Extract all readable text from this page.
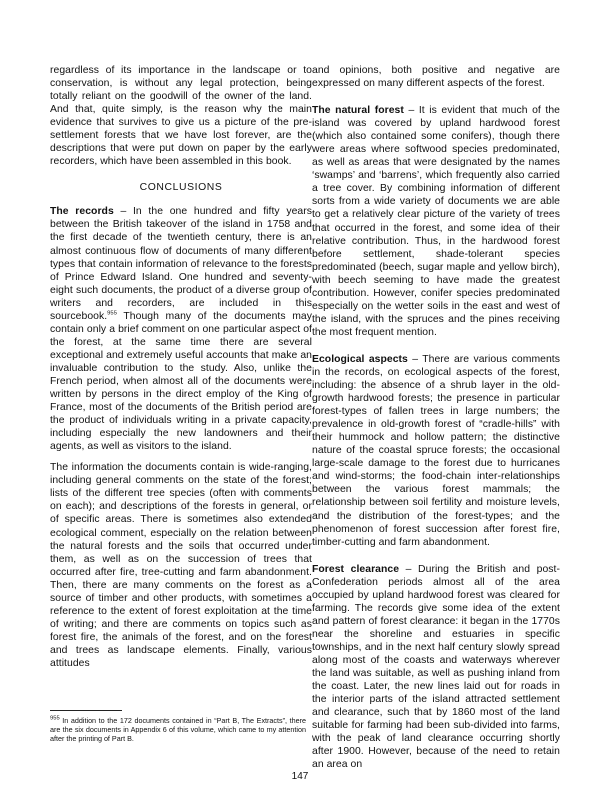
regardless of its importance in the landscape or to conservation, is without any legal protection, being totally reliant on the goodwill of the owner of the land. And that, quite simply, is the reason why the main evidence that survives to give us a picture of the pre-settlement forests that we have lost forever, are the descriptions that were put down on paper by the early recorders, which have been assembled in this book.

CONCLUSIONS

The records – In the one hundred and fifty years between the British takeover of the island in 1758 and the first decade of the twentieth century, there is an almost continuous flow of documents of many different types that contain information of relevance to the forests of Prince Edward Island. One hundred and seventy-eight such documents, the product of a diverse group of writers and recorders, are included in this sourcebook.$^{955}$ Though many of the documents may contain only a brief comment on one particular aspect of the forest, at the same time there are several exceptional and extremely useful accounts that make an invaluable contribution to the study. Also, unlike the French period, when almost all of the documents were written by persons in the direct employ of the King of France, most of the documents of the British period are the product of individuals writing in a private capacity, including especially the new landowners and their agents, as well as visitors to the island.

The information the documents contain is wide-ranging, including general comments on the state of the forest; lists of the different tree species (often with comments on each); and descriptions of the forests in general, or of specific areas. There is sometimes also extended ecological comment, especially on the relation between the natural forests and the soils that occurred under them, as well as on the succession of trees that occurred after fire, tree-cutting and farm abandonment. Then, there are many comments on the forest as a source of timber and other products, with sometimes a reference to the extent of forest exploitation at the time of writing; and there are comments on topics such as forest fire, the animals of the forest, and on the forest and trees as landscape elements. Finally, various attitudes

and opinions, both positive and negative are expressed on many different aspects of the forest.

The natural forest – It is evident that much of the island was covered by upland hardwood forest (which also contained some conifers), though there were areas where softwood species predominated, as well as areas that were designated by the names ‘swamps’ and ‘barrens’, which frequently also carried a tree cover. By combining information of different sorts from a wide variety of documents we are able to get a relatively clear picture of the variety of trees that occurred in the forest, and some idea of their relative contribution. Thus, in the hardwood forest before settlement, shade-tolerant species predominated (beech, sugar maple and yellow birch), with beech seeming to have made the greatest contribution. However, conifer species predominated especially on the wetter soils in the east and west of the island, with the spruces and the pines receiving the most frequent mention.

Ecological aspects – There are various comments in the records, on ecological aspects of the forest, including: the absence of a shrub layer in the old-growth hardwood forests; the presence in particular forest-types of fallen trees in large numbers; the prevalence in old-growth forest of “cradle-hills” with their hummock and hollow pattern; the distinctive nature of the coastal spruce forests; the occasional large-scale damage to the forest due to hurricanes and wind-storms; the food-chain inter-relationships between the various forest mammals; the relationship between soil fertility and moisture levels, and the distribution of the forest-types; and the phenomenon of forest succession after forest fire, timber-cutting and farm abandonment.

Forest clearance – During the British and post-Confederation periods almost all of the area occupied by upland hardwood forest was cleared for farming. The records give some idea of the extent and pattern of forest clearance: it began in the 1770s near the shoreline and estuaries in specific townships, and in the next half century slowly spread along most of the coasts and waterways wherever the land was suitable, as well as pushing inland from the coast. Later, the new lines laid out for roads in the interior parts of the island attracted settlement and clearance, such that by 1860 most of the land suitable for farming had been sub-divided into farms, with the peak of land clearance occurring shortly after 1900. However, because of the need to retain an area on

$^{955}$ In addition to the 172 documents contained in “Part B, The Extracts”, there are the six documents in Appendix 6 of this volume, which came to my attention after the printing of Part B.
147
